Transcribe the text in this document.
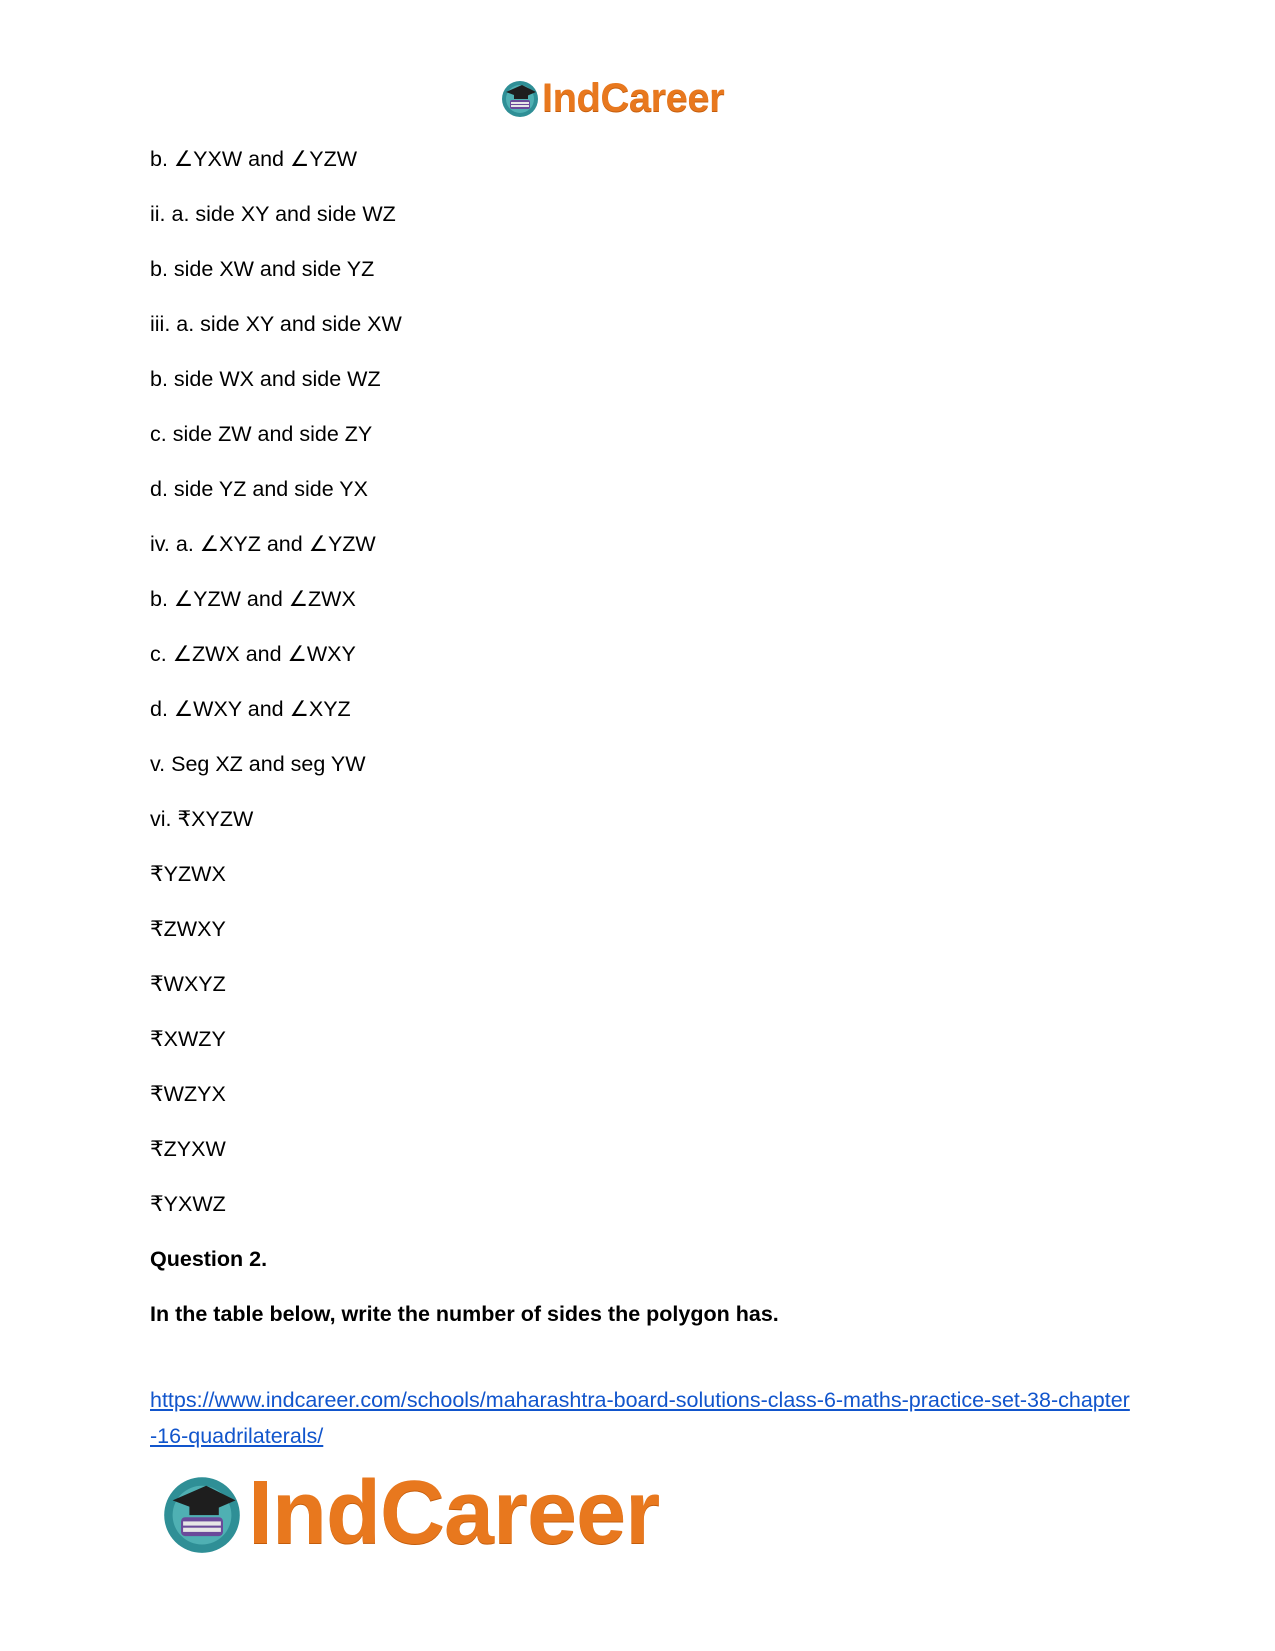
IndCareer
b. ∠YXW and ∠YZW
ii. a. side XY and side WZ
b. side XW and side YZ
iii. a. side XY and side XW
b. side WX and side WZ
c. side ZW and side ZY
d. side YZ and side YX
iv. a. ∠XYZ and ∠YZW
b. ∠YZW and ∠ZWX
c. ∠ZWX and ∠WXY
d. ∠WXY and ∠XYZ
v. Seg XZ and seg YW
vi. ₹XYZW
₹YZWX
₹ZWXY
₹WXYZ
₹XWZY
₹WZYX
₹ZYXW
₹YXWZ
Question 2.
In the table below, write the number of sides the polygon has.
https://www.indcareer.com/schools/maharashtra-board-solutions-class-6-maths-practice-set-38-chapter-16-quadrilaterals/
IndCareer
